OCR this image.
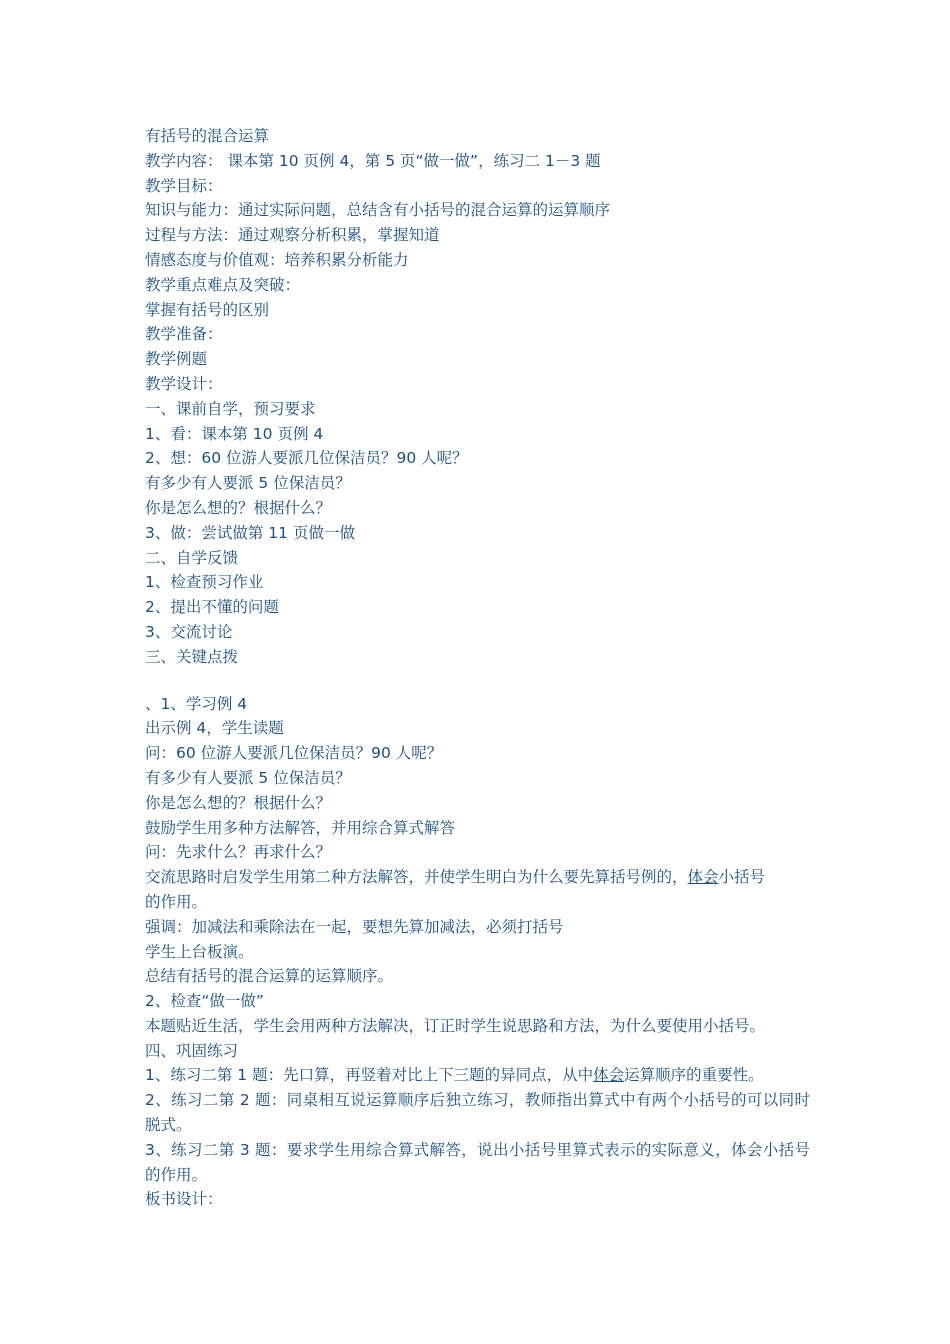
有括号的混合运算

教学内容： 课本第 10 页例 4，第 5 页“做一做”，练习二 1－3 题

教学目标：

知识与能力：通过实际问题，总结含有小括号的混合运算的运算顺序

过程与方法：通过观察分析积累，掌握知道

情感态度与价值观：培养积累分析能力

教学重点难点及突破：

掌握有括号的区别

教学准备：

教学例题

教学设计：

一、课前自学，预习要求

1、看：课本第 10 页例 4

2、想：60 位游人要派几位保洁员？90 人呢？

有多少有人要派 5 位保洁员？

你是怎么想的？根据什么？

3、做：尝试做第 11 页做一做

二、自学反馈

1、检查预习作业

2、提出不懂的问题

3、交流讨论

三、关键点拨

、1、学习例 4

出示例 4，学生读题

问：60 位游人要派几位保洁员？90 人呢？

有多少有人要派 5 位保洁员？

你是怎么想的？根据什么？

鼓励学生用多种方法解答，并用综合算式解答

问：先求什么？再求什么？

交流思路时启发学生用第二种方法解答，并使学生明白为什么要先算括号例的，体会小括号

的作用。

强调：加减法和乘除法在一起，要想先算加减法，必须打括号

学生上台板演。

总结有括号的混合运算的运算顺序。

2、检查“做一做”

本题贴近生活，学生会用两种方法解决，订正时学生说思路和方法，为什么要使用小括号。

四、巩固练习

1、练习二第 1 题：先口算，再竖着对比上下三题的异同点，从中体会运算顺序的重要性。

2、练习二第 2 题：同桌相互说运算顺序后独立练习，教师指出算式中有两个小括号的可以同时脱式。

3、练习二第 3 题：要求学生用综合算式解答，说出小括号里算式表示的实际意义，体会小括号的作用。

板书设计：
